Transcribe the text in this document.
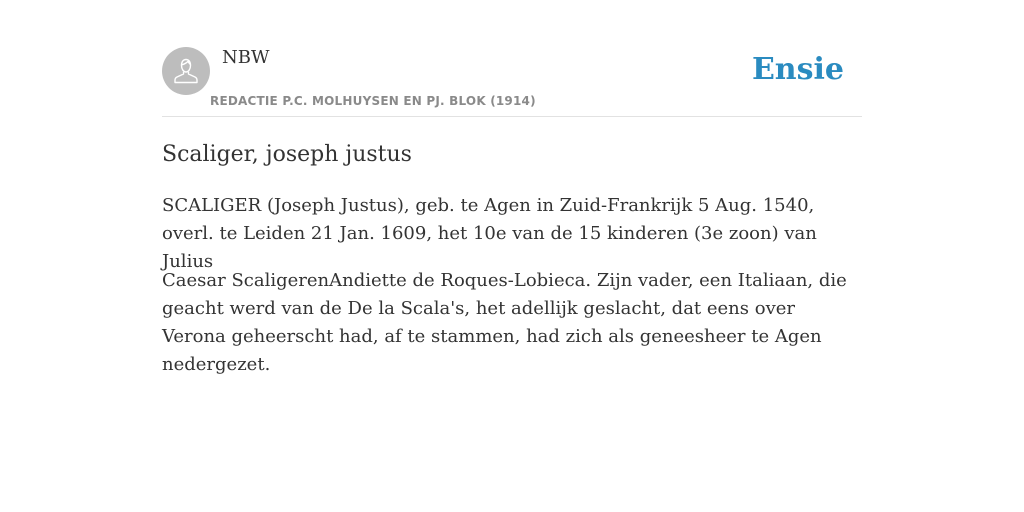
NBW
REDACTIE P.C. MOLHUYSEN EN PJ. BLOK (1914)
Ensie
Scaliger, joseph justus

SCALIGER (Joseph Justus), geb. te Agen in Zuid-Frankrijk 5 Aug. 1540, overl. te Leiden 21 Jan. 1609, het 10e van de 15 kinderen (3e zoon) van Julius

Caesar ScaligerenAndiette de Roques-Lobieca. Zijn vader, een Italiaan, die geacht werd van de De la Scala's, het adellijk geslacht, dat eens over Verona geheerscht had, af te stammen, had zich als geneesheer te Agen nedergezet.
